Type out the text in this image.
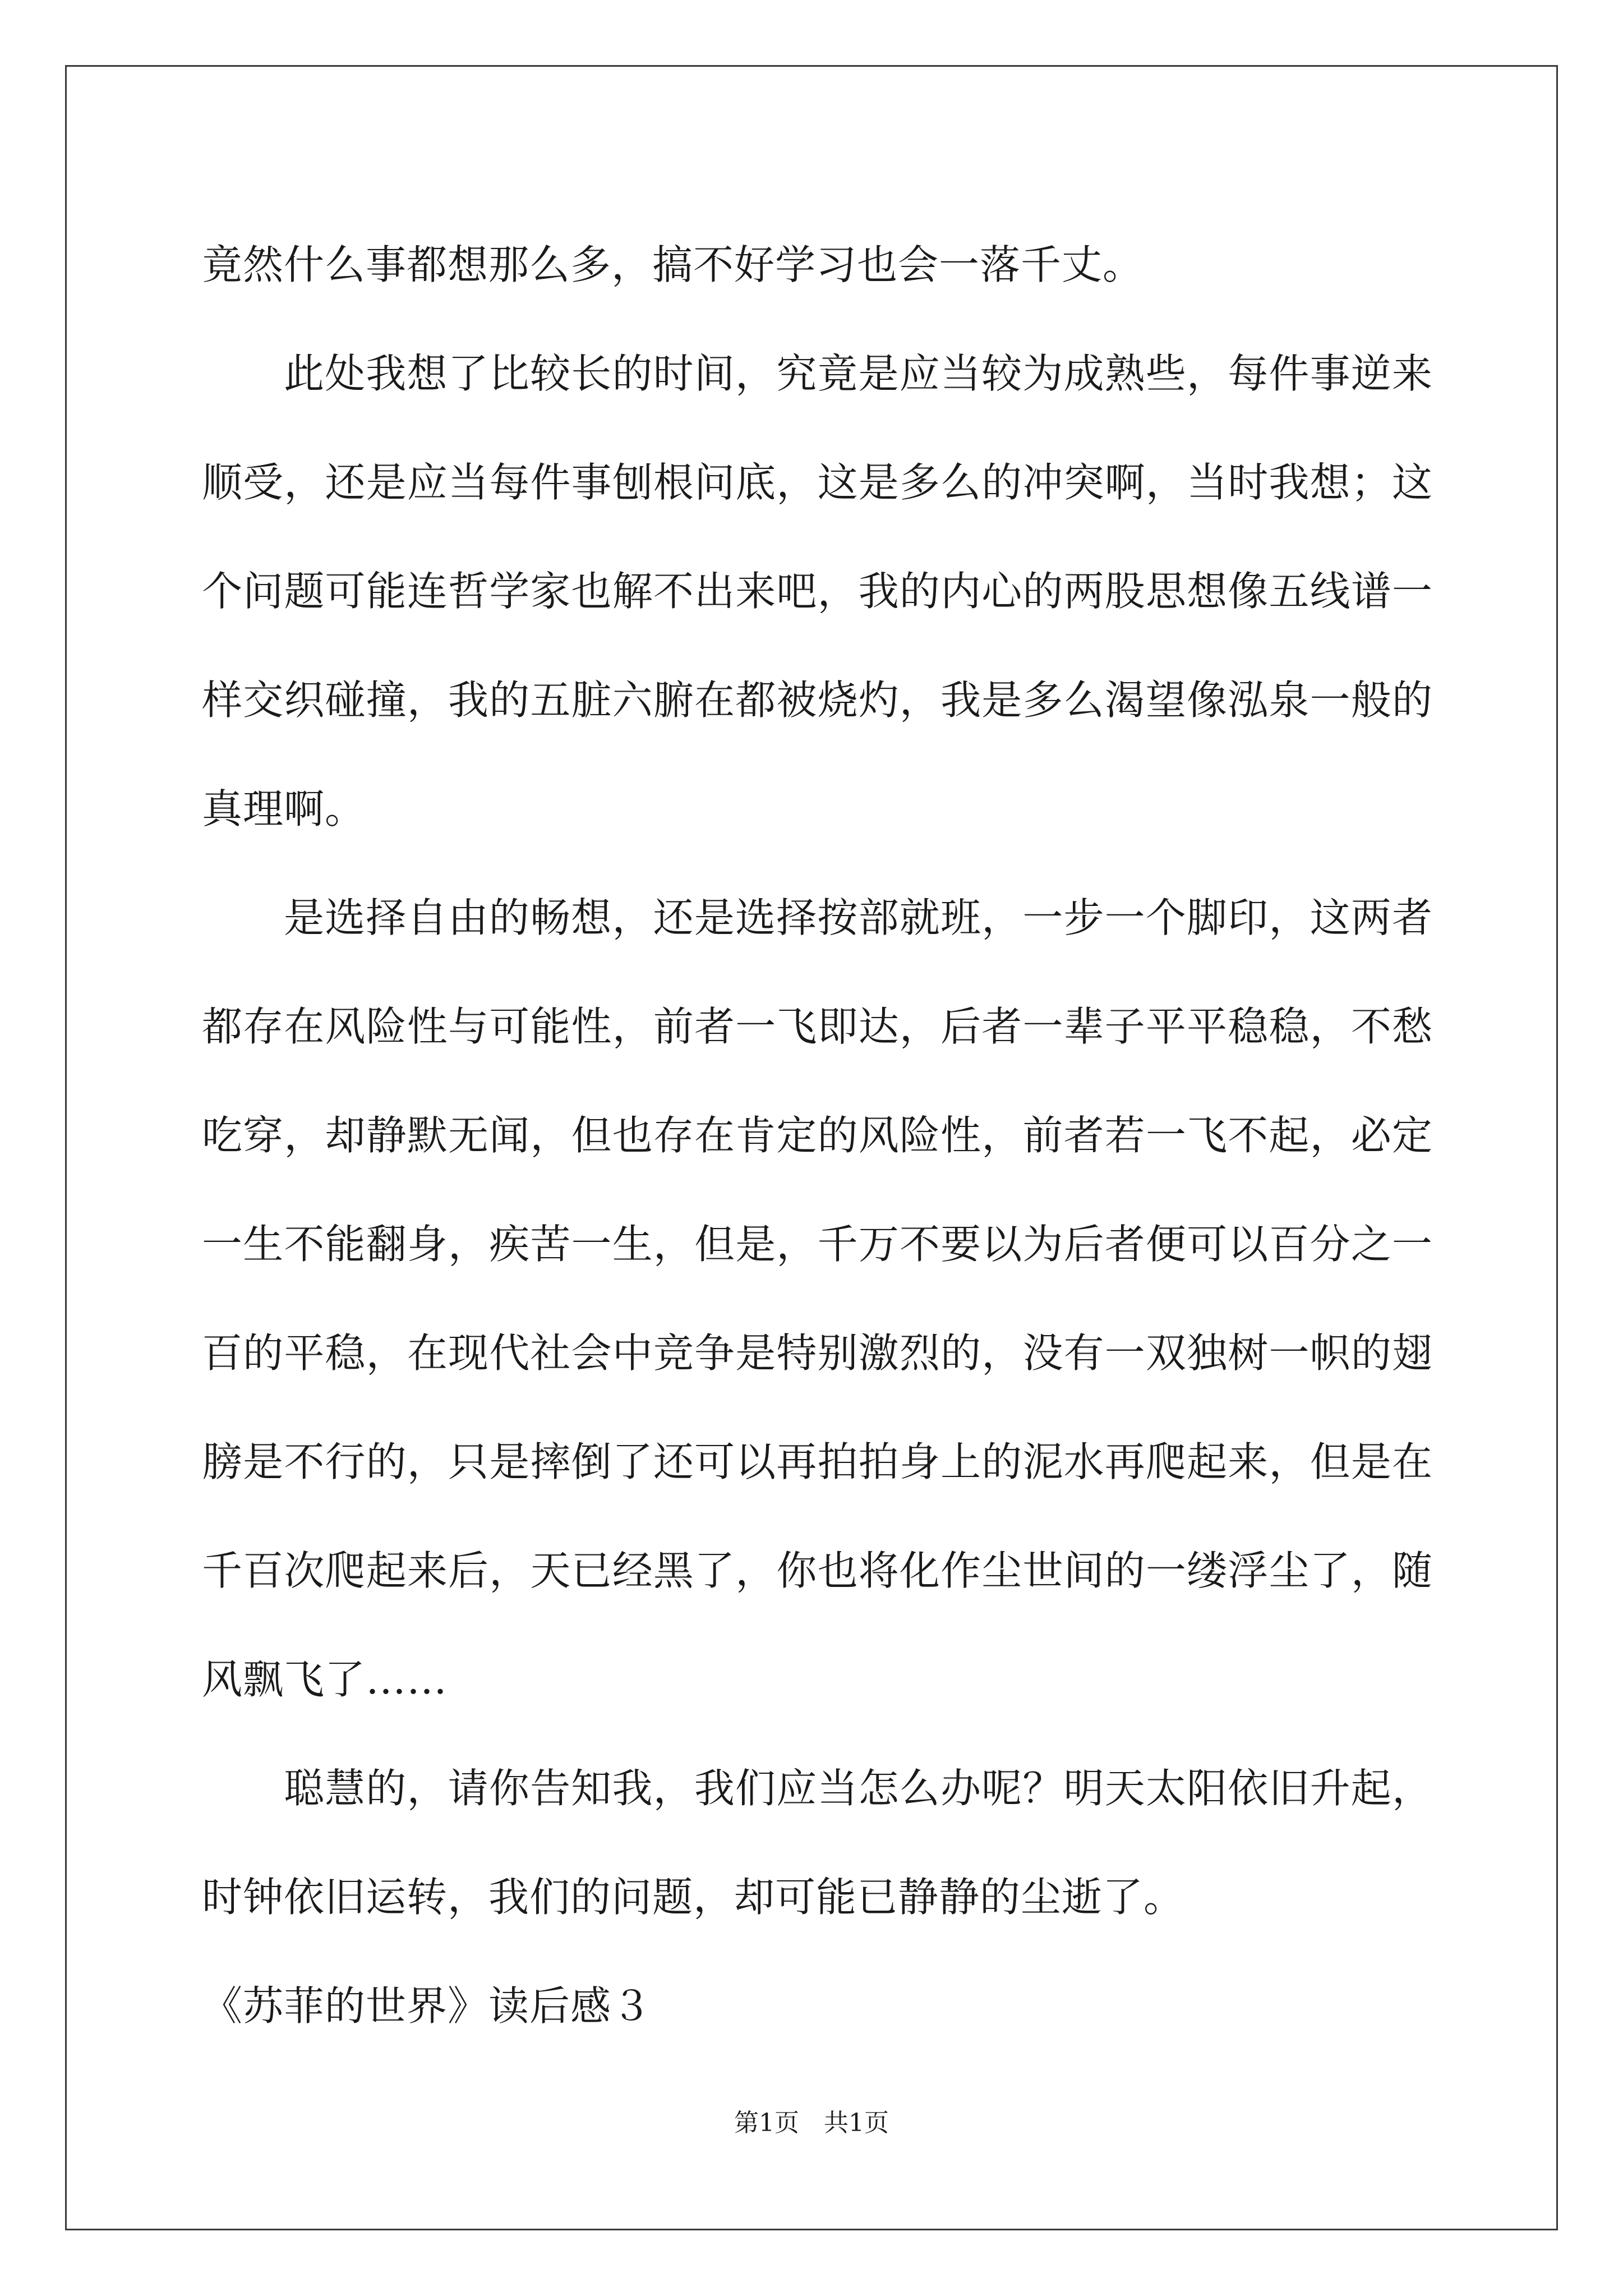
竟然什么事都想那么多，搞不好学习也会一落千丈。

此处我想了比较长的时间，究竟是应当较为成熟些，每件事逆来顺受，还是应当每件事刨根问底，这是多么的冲突啊，当时我想；这个问题可能连哲学家也解不出来吧，我的内心的两股思想像五线谱一样交织碰撞，我的五脏六腑在都被烧灼，我是多么渴望像泓泉一般的真理啊。

是选择自由的畅想，还是选择按部就班，一步一个脚印，这两者都存在风险性与可能性，前者一飞即达，后者一辈子平平稳稳，不愁吃穿，却静默无闻，但也存在肯定的风险性，前者若一飞不起，必定一生不能翻身，疾苦一生，但是，千万不要以为后者便可以百分之一百的平稳，在现代社会中竞争是特别激烈的，没有一双独树一帜的翅膀是不行的，只是摔倒了还可以再拍拍身上的泥水再爬起来，但是在千百次爬起来后，天已经黑了，你也将化作尘世间的一缕浮尘了，随风飘飞了……

聪慧的，请你告知我，我们应当怎么办呢？明天太阳依旧升起，时钟依旧运转，我们的问题，却可能已静静的尘逝了。

《苏菲的世界》读后感３

第1页　共1页
